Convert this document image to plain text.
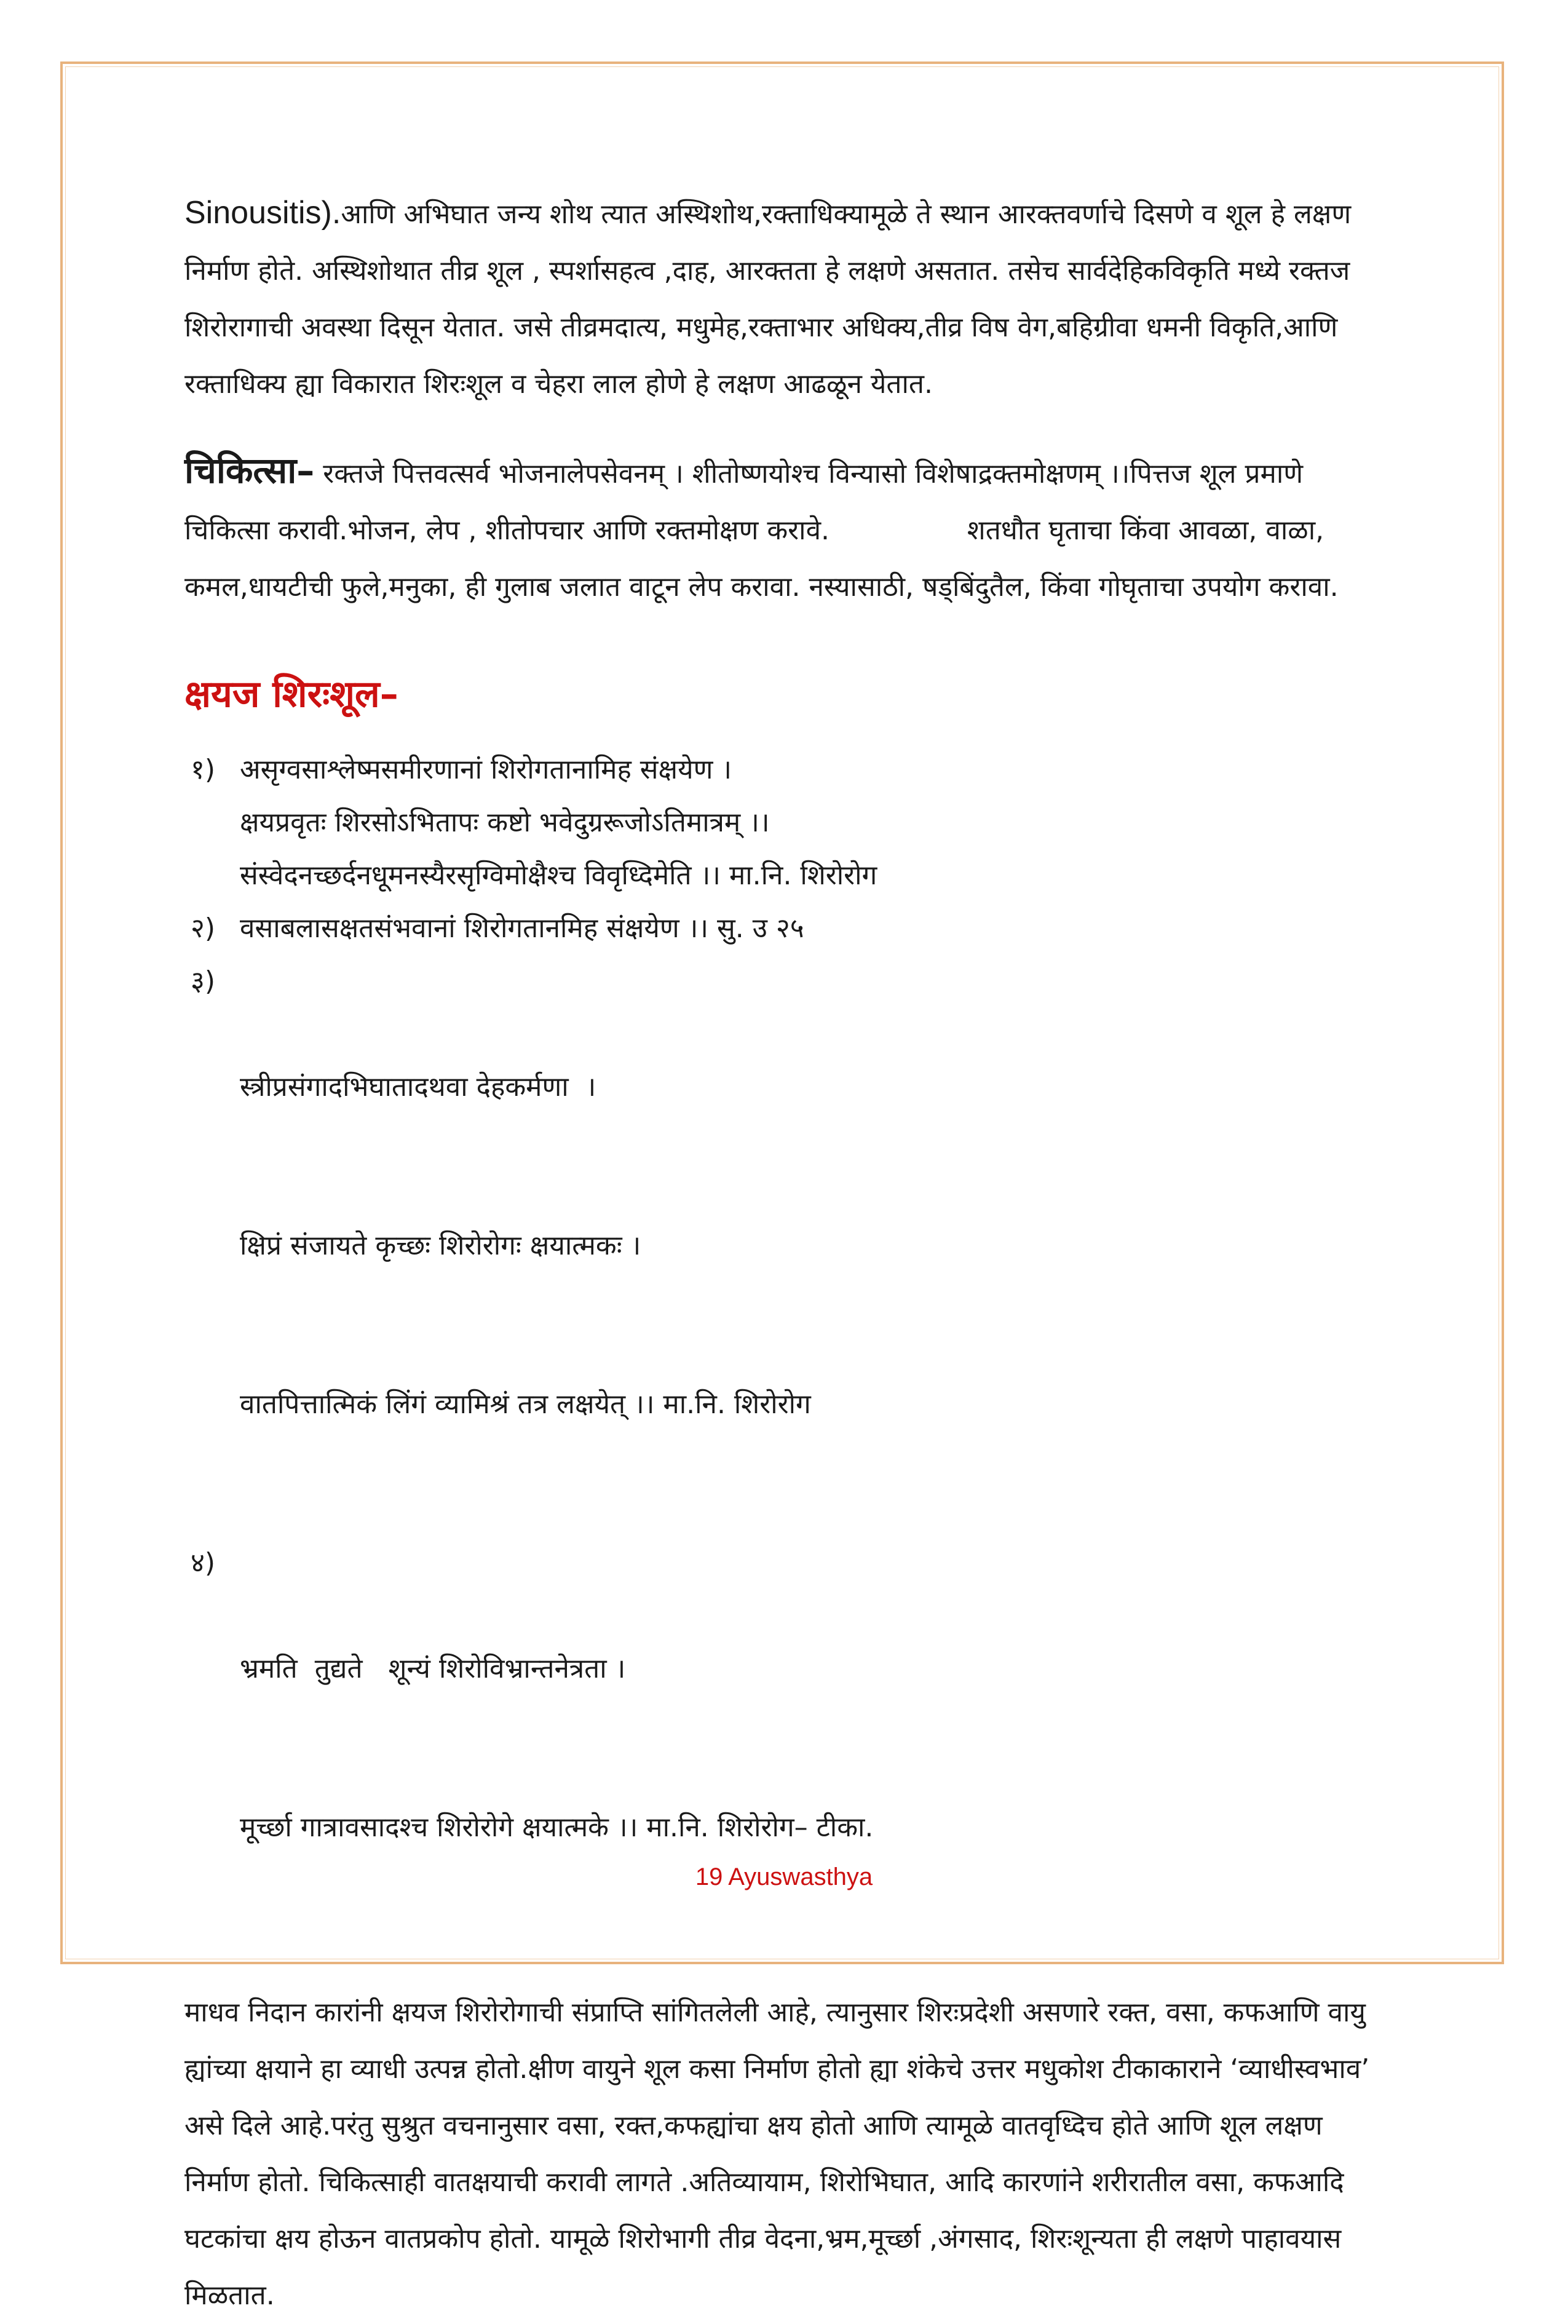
Sinousitis).आणि अभिघात जन्य शोथ त्यात अस्थिशोथ,रक्ताधिक्यामूळे ते स्थान आरक्तवर्णाचे दिसणे व शूल हे लक्षण निर्माण होते. अस्थिशोथात तीव्र शूल , स्पर्शासहत्व ,दाह, आरक्तता हे लक्षणे असतात. तसेच सार्वदेहिकविकृति मध्ये रक्तज शिरोरागाची अवस्था दिसून येतात. जसे तीव्रमदात्य, मधुमेह,रक्ताभार अधिक्य,तीव्र विष वेग,बहिग्रीवा धमनी विकृति,आणि रक्ताधिक्य ह्या विकारात शिरःशूल व चेहरा लाल होणे हे लक्षण आढळून येतात.

चिकित्सा– रक्तजे पित्तवत्सर्व भोजनालेपसेवनम् । शीतोष्णयोश्च विन्यासो विशेषाद्रक्तमोक्षणम् ।।पित्तज शूल प्रमाणे चिकित्सा करावी.भोजन, लेप , शीतोपचार आणि रक्तमोक्षण करावे.                शतधौत घृताचा किंवा आवळा, वाळा, कमल,धायटीची फुले,मनुका, ही गुलाब जलात वाटून लेप करावा. नस्यासाठी, षड्बिंदुतैल, किंवा गोघृताचा उपयोग करावा.

क्षयज शिरःशूल–
१) असृग्वसाश्लेष्मसमीरणानां शिरोगतानामिह संक्षयेण ।
क्षयप्रवृतः शिरसोऽभितापः कष्टो भवेदुग्ररूजोऽतिमात्रम् ।।
संस्वेदनच्छर्दनधूमनस्यैरसृग्विमोक्षैश्च विवृध्दिमेति ।। मा.नि. शिरोरोग
२) वसाबलासक्षतसंभवानां शिरोगतानमिह संक्षयेण ।। सु. उ २५
३)

स्त्रीप्रसंगादभिघातादथवा देहकर्मणा  ।

क्षिप्रं संजायते कृच्छः शिरोरोगः क्षयात्मकः ।

वातपित्तात्मिकं लिंगं व्यामिश्रं तत्र लक्षयेत् ।। मा.नि. शिरोरोग

४)

भ्रमति  तुद्यते   शून्यं शिरोविभ्रान्तनेत्रता ।

मूर्च्छा गात्रावसादश्च शिरोरोगे क्षयात्मके ।। मा.नि. शिरोरोग– टीका.

माधव निदान कारांनी क्षयज शिरोरोगाची संप्राप्ति सांगितलेली आहे, त्यानुसार शिरःप्रदेशी असणारे रक्त, वसा, कफआणि वायु ह्यांच्या क्षयाने हा व्याधी उत्पन्न होतो.क्षीण वायुने शूल कसा निर्माण होतो ह्या शंकेचे उत्तर मधुकोश टीकाकाराने ‘व्याधीस्वभाव’ असे दिले आहे.परंतु सुश्रुत वचनानुसार वसा, रक्त,कफह्यांचा क्षय होतो आणि त्यामूळे वातवृध्दिच होते आणि शूल लक्षण निर्माण होतो. चिकित्साही वातक्षयाची करावी लागते .अतिव्यायाम, शिरोभिघात, आदि कारणांने शरीरातील वसा, कफआदि घटकांचा क्षय होऊन वातप्रकोप होतो. यामूळे शिरोभागी तीव्र वेदना,भ्रम,मूर्च्छा ,अंगसाद, शिरःशून्यता ही लक्षणे पाहावयास मिळतात.

19 Ayuswasthya
